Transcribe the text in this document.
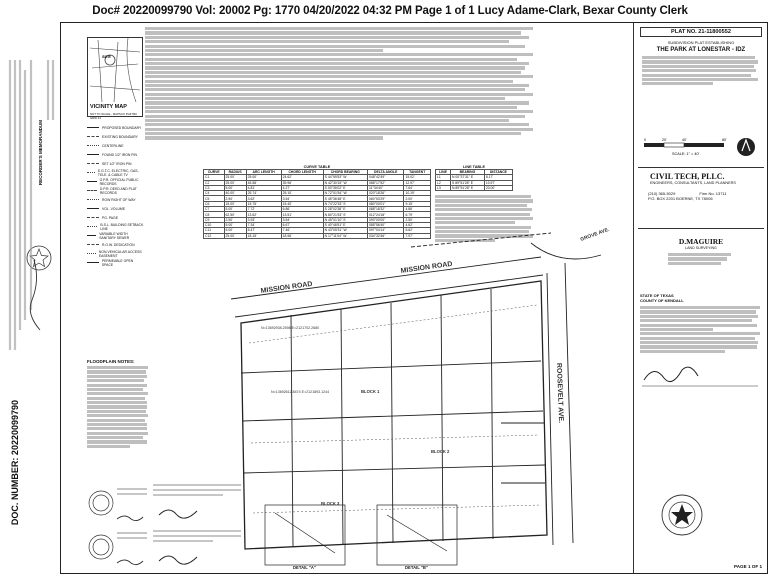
Doc# 20220099790 Vol: 20002 Pg: 1770 04/20/2022 04:32 PM Page 1 of 1 Lucy Adame-Clark, Bexar County Clerk
DOC. NUMBER: 20220099790
RECORDER'S MEMORANDUM
SITE
VICINITY MAP
NOT TO SCALE - MAPSCO PG# 550 GRID F1
PROPOSED BOUNDARY
EXISTING BOUNDARY
CENTERLINE
FOUND 1/2" IRON PIN
SET 1/2" IRON PIN
E.G.T.C. ELECTRIC, GAS, TELE. & CABLE TV
O.P.R. OFFICIAL PUBLIC RECORDS
D.P.R. DEED AND PLAT RECORDS
ROW RIGHT OF WAY
VOL. VOLUME
PG. PAGE
B.S.L. BUILDING SETBACK LINE
VARIABLE WIDTH SANITARY SEWER
R.O.W. DEDICATION
NON-VEHICULAR ACCESS EASEMENT
PERMEABLE OPEN SPACE
FLOODPLAIN NOTES:
CURVE TABLE
CURVE	RADIUS	ARC LENGTH	CHORD LENGTH	CHORD BEARING	DELTA ANGLE	TANGENT
C1	25.00'	25.00'	24.62'	S 44°59'53" W	048°42'49"	15.02'
C2	25.00'	45.58'	39.96'	N 42°30'15" W	088°17'52"	12.97'
C3	5.00'	4.81'	4.27'	S 00°35'02" E	11°34'40"	7.64'
C4	40.00'	25.74'	25.10'	N 72°01'54" W	020°18'26"	10.19'
C5	2.50'	3.62'	3.54'	S 45°36'48" E	060°53'29"	2.00'
C6	15.00'	15.75'	15.40'	N 74°22'33" E	080°00'01"	9.15'
C7	5.00'	7.72'	6.86'	S 28°02'38" E	088°18'32"	4.86'
C8	62.50'	13.52'	13.51'	N 80°21'53" E	012°24'18"	6.79'
C9	2.50'	3.93'	3.54'	N 45°01'10" E	090°00'00"	2.50'
C10	5.00'	7.34'	6.67'	S 40°46'51" E	085°56'40"	4.62'
C11	5.00'	8.47'	7.46'	N 43°05'31" W	097°04'14"	5.62'
C12	25.00'	18.15'	18.56'	N 17°11'04" W	034°32'46"	7.97'
LINE TABLE
LINE	BEARING	DISTANCE
L1	N 00°37'31" E	8.17'
L2	S 89°51'28" E	10.97'
L3	N 89°51'28" E	20.00'
MISSION ROAD
MISSION ROAD
ROOSEVELT AVE.
GROVE AVE.
BLOCK 1
BLOCK 2
BLOCK 3
N=13692938.2598 E=2121702.2680
N=13692612.8474 E=2121893.1244
DETAIL "A"	DETAIL "B"
PLAT NO. 21-11800552
SUBDIVISION PLAT ESTABLISHING
THE PARK AT LONESTAR - IDZ
0	20'	40'	80'
SCALE: 1" = 40'
CIVIL TECH, PLLC.
ENGINEERS, CONSULTANTS, LAND PLANNERS
(210) 365-5029	Firm No. 13711
P.O. BOX 2201 BOERNE, TX 78006
D.MAGUIRE
LAND SURVEYING
STATE OF TEXAS
COUNTY OF KENDALL
PAGE 1 OF 1
